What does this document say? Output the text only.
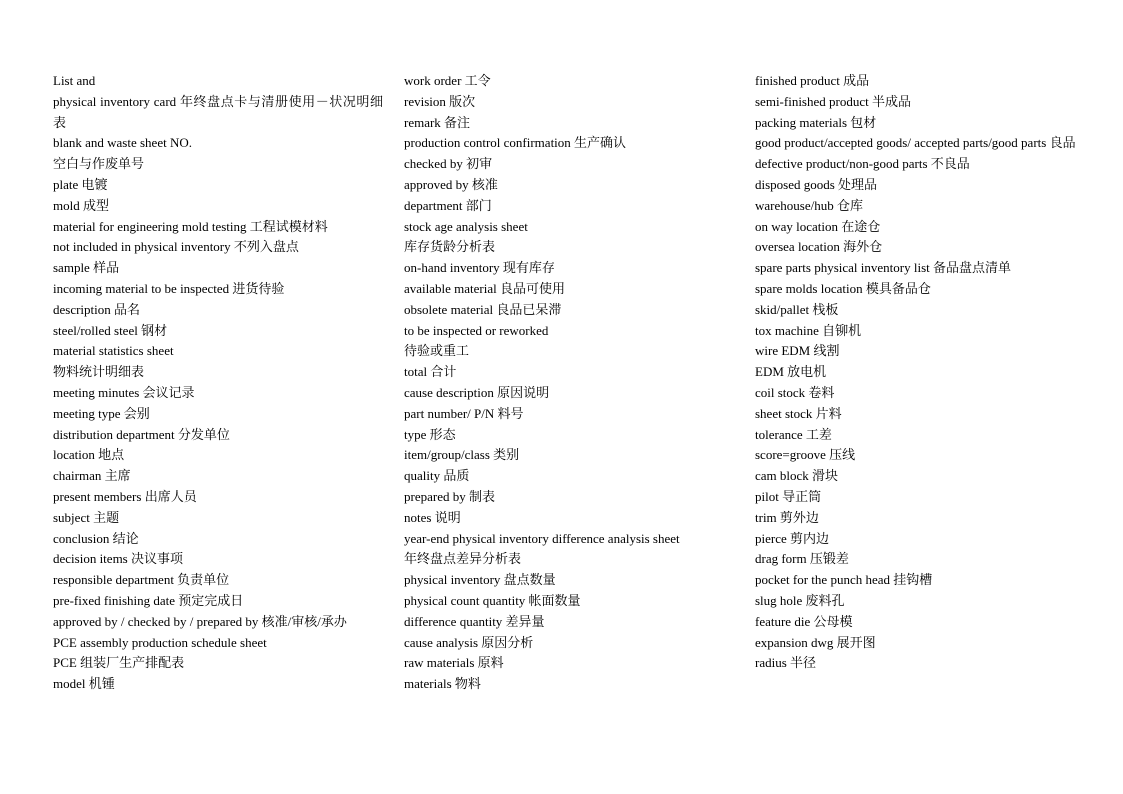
List and
physical inventory card 年终盘点卡与清册使用－状况明细表
blank and waste sheet NO.
空白与作废单号
plate 电镀
mold 成型
material for engineering mold testing 工程试模材料
not included in physical inventory 不列入盘点
sample 样品
incoming material to be inspected 进货待验
description 品名
steel/rolled steel 钢材
material statistics sheet
物料统计明细表
meeting minutes 会议记录
meeting type 会别
distribution department 分发单位
location 地点
chairman 主席
present members 出席人员
subject 主题
conclusion 结论
decision items 决议事项
responsible department 负责单位
pre-fixed finishing date 预定完成日
approved by / checked by / prepared by 核准/审核/承办
PCE assembly production schedule sheet
PCE 组装厂生产排配表
model 机锺
work order 工令
revision 版次
remark 备注
production control confirmation 生产确认
checked by 初审
approved by 核准
department 部门
stock age analysis sheet
库存货龄分析表
on-hand inventory 现有库存
available material 良品可使用
obsolete material 良品已呆滞
to be inspected or reworked
待验或重工
total 合计
cause description 原因说明
part number/ P/N 料号
type 形态
item/group/class 类别
quality 品质
prepared by 制表
notes 说明
year-end physical inventory difference analysis sheet
年终盘点差异分析表
physical inventory 盘点数量
physical count quantity 帐面数量
difference quantity 差异量
cause analysis 原因分析
raw materials 原料
materials 物料
finished product 成品
semi-finished product 半成品
packing materials 包材
good product/accepted goods/ accepted parts/good parts 良品
defective product/non-good parts 不良品
disposed goods 处理品
warehouse/hub 仓库
on way location 在途仓
oversea location 海外仓
spare parts physical inventory list 备品盘点清单
spare molds location 模具备品仓
skid/pallet 栈板
tox machine 自铆机
wire EDM 线割
EDM 放电机
coil stock 卷料
sheet stock 片料
tolerance 工差
score=groove 压线
cam block 滑块
pilot 导正筒
trim 剪外边
pierce 剪内边
drag form 压锻差
pocket for the punch head 挂钩槽
slug hole 废料孔
feature die 公母模
expansion dwg 展开图
radius 半径
